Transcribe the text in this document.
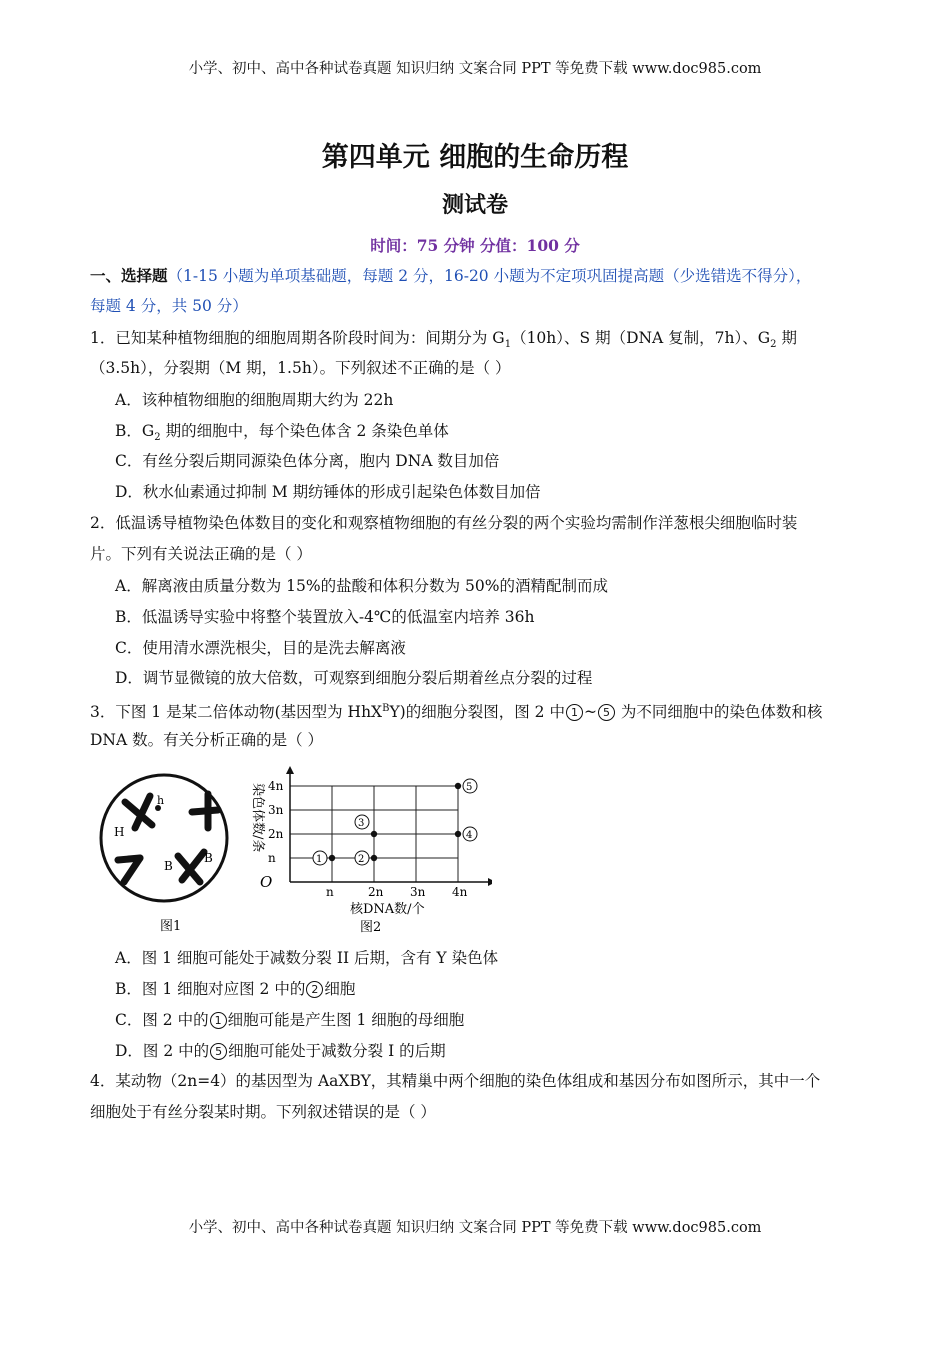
小学、初中、高中各种试卷真题 知识归纳 文案合同 PPT 等免费下载 www.doc985.com
第四单元 细胞的生命历程
测试卷
时间：75 分钟 分值：100 分
一、选择题（1-15 小题为单项基础题，每题 2 分，16-20 小题为不定项巩固提高题（少选错选不得分），
每题 4 分，共 50 分）
1．已知某种植物细胞的细胞周期各阶段时间为：间期分为 $G_1(10h)$、S 期（DNA 复制，7h）、$G_2$ 期
（3.5h），分裂期（M 期，1.5h）。下列叙述不正确的是（ ）
A．该种植物细胞的细胞周期大约为 22h
B．$G_2$ 期的细胞中，每个染色体含 2 条染色单体
C．有丝分裂后期同源染色体分离，胞内 DNA 数目加倍
D．秋水仙素通过抑制 M 期纺锤体的形成引起染色体数目加倍
2．低温诱导植物染色体数目的变化和观察植物细胞的有丝分裂的两个实验均需制作洋葱根尖细胞临时装
片。下列有关说法正确的是（ ）
A．解离液由质量分数为 15%的盐酸和体积分数为 50%的酒精配制而成
B．低温诱导实验中将整个装置放入-4℃的低温室内培养 36h
C．使用清水漂洗根尖，目的是洗去解离液
D．调节显微镜的放大倍数，可观察到细胞分裂后期着丝点分裂的过程
3．下图 1 是某二倍体动物(基因型为 HhX$^B$Y)的细胞分裂图，图 2 中 1 ~ 5 为不同细胞中的染色体数和核
DNA 数。有关分析正确的是（ ）
h
H
B
B
图1
O
核DNA数/个
染色体数/条
图2
n	2n 3n 4n
n
2n
3n
4n
1	2
3
4
5
A．图 1 细胞可能处于减数分裂 II 后期，含有 Y 染色体
B．图 1 细胞对应图 2 中的 2 细胞
C．图 2 中的 1 细胞可能是产生图 1 细胞的母细胞
D．图 2 中的 5 细胞可能处于减数分裂 Ⅰ 的后期
4．某动物（2n=4）的基因型为 AaXBY，其精巢中两个细胞的染色体组成和基因分布如图所示，其中一个
细胞处于有丝分裂某时期。下列叙述错误的是（ ）
小学、初中、高中各种试卷真题 知识归纳 文案合同 PPT 等免费下载 www.doc985.com
